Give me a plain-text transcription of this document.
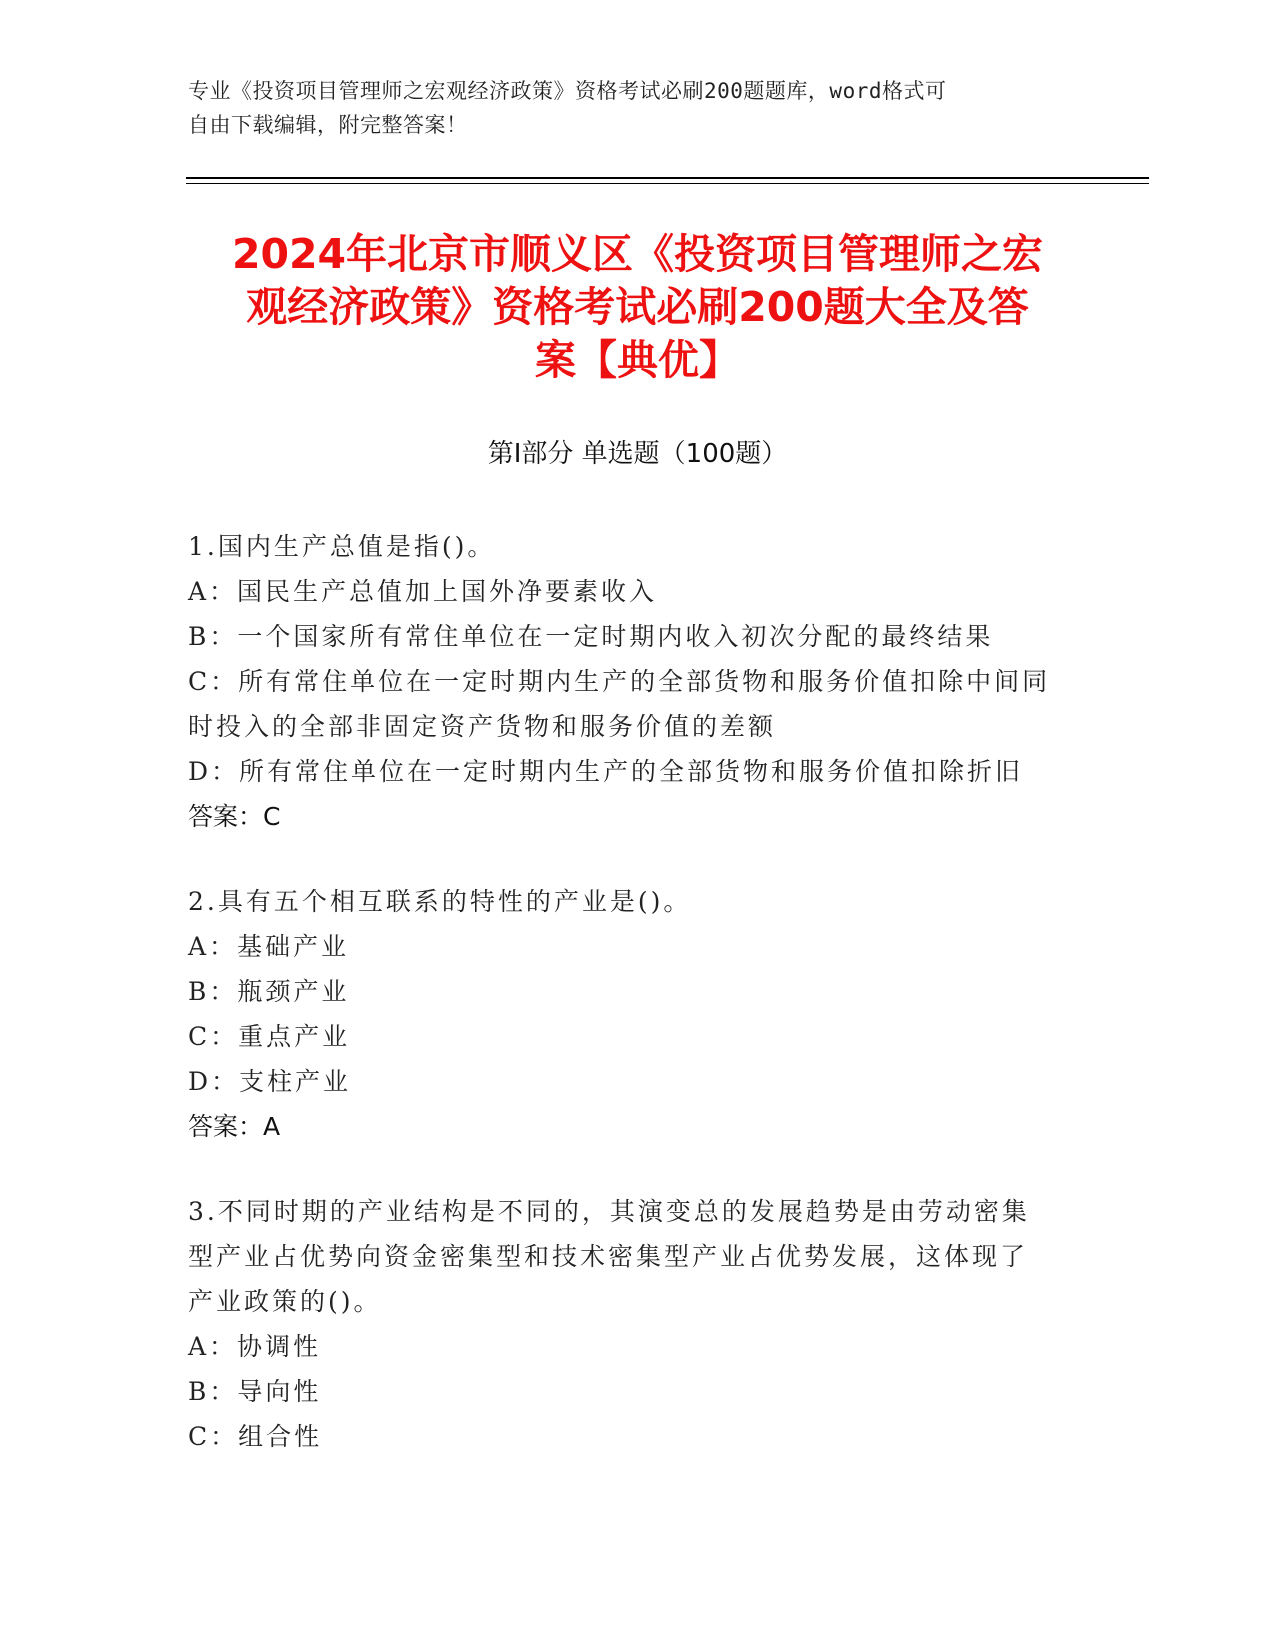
专业《投资项目管理师之宏观经济政策》资格考试必刷200题题库，word格式可
自由下载编辑，附完整答案！
2024年北京市顺义区《投资项目管理师之宏
观经济政策》资格考试必刷200题大全及答
案【典优】
第Ⅰ部分 单选题（100题）
1.国内生产总值是指()。
A：国民生产总值加上国外净要素收入
B：一个国家所有常住单位在一定时期内收入初次分配的最终结果
C：所有常住单位在一定时期内生产的全部货物和服务价值扣除中间同
时投入的全部非固定资产货物和服务价值的差额
D：所有常住单位在一定时期内生产的全部货物和服务价值扣除折旧
答案：C
2.具有五个相互联系的特性的产业是()。
A：基础产业
B：瓶颈产业
C：重点产业
D：支柱产业
答案：A
3.不同时期的产业结构是不同的，其演变总的发展趋势是由劳动密集
型产业占优势向资金密集型和技术密集型产业占优势发展，这体现了
产业政策的()。
A：协调性
B：导向性
C：组合性
